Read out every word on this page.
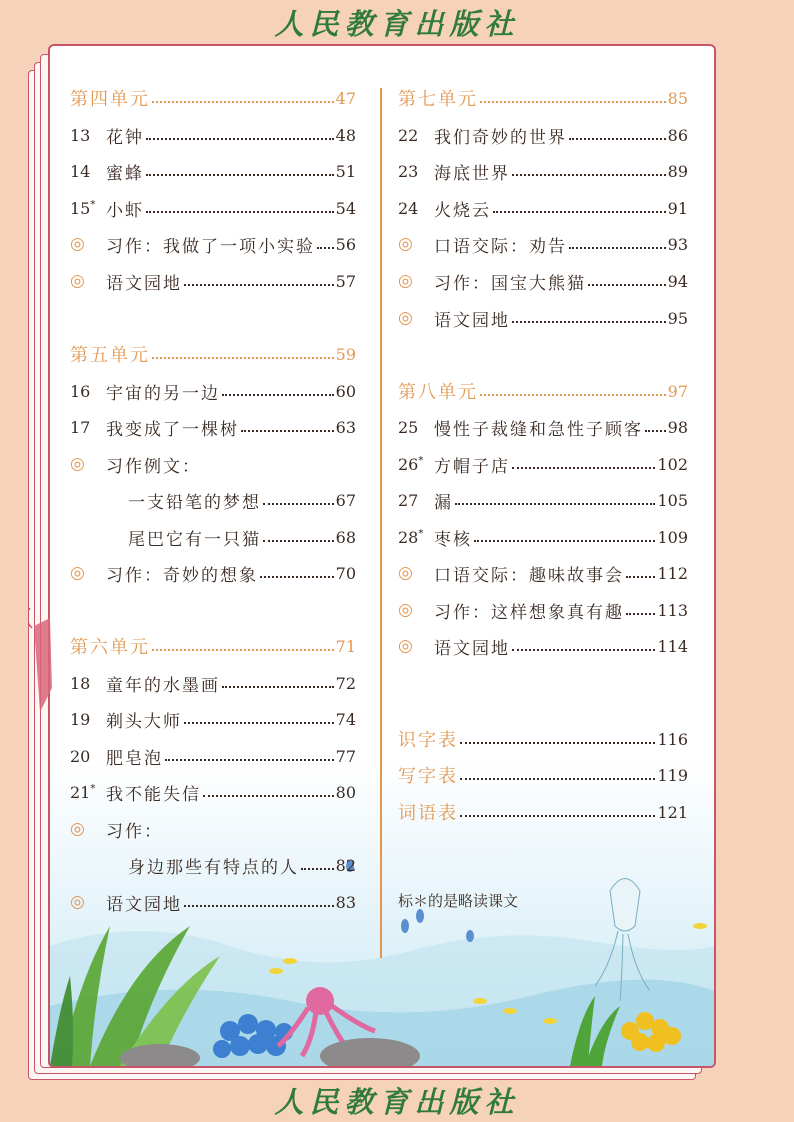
人民教育出版社
第四单元	47
13 花钟	48
14 蜜蜂	51
15* 小虾	54
◎	习作：我做了一项小实验 56
◎	语文园地	57
第五单元	59
16 宇宙的另一边	60
17 我变成了一棵树	63
◎	习作例文：
一支铅笔的梦想	67
尾巴它有一只猫	68
◎	习作：奇妙的想象	70
第六单元	71
18 童年的水墨画	72
19 剃头大师	74
20 肥皂泡	77
21* 我不能失信	80
◎	习作：
身边那些有特点的人 82
◎	语文园地	83
第七单元	85
22 我们奇妙的世界	86
23 海底世界	89
24 火烧云	91
◎	口语交际：劝告	93
◎	习作：国宝大熊猫	94
◎	语文园地	95
第八单元	97
25 慢性子裁缝和急性子顾客 98
26* 方帽子店	102
27 漏	105
28* 枣核	109
◎	口语交际：趣味故事会 112
◎	习作：这样想象真有趣 113
◎	语文园地	114
识字表	116
写字表	119
词语表	121
标＊的是略读课文
人民教育出版社
